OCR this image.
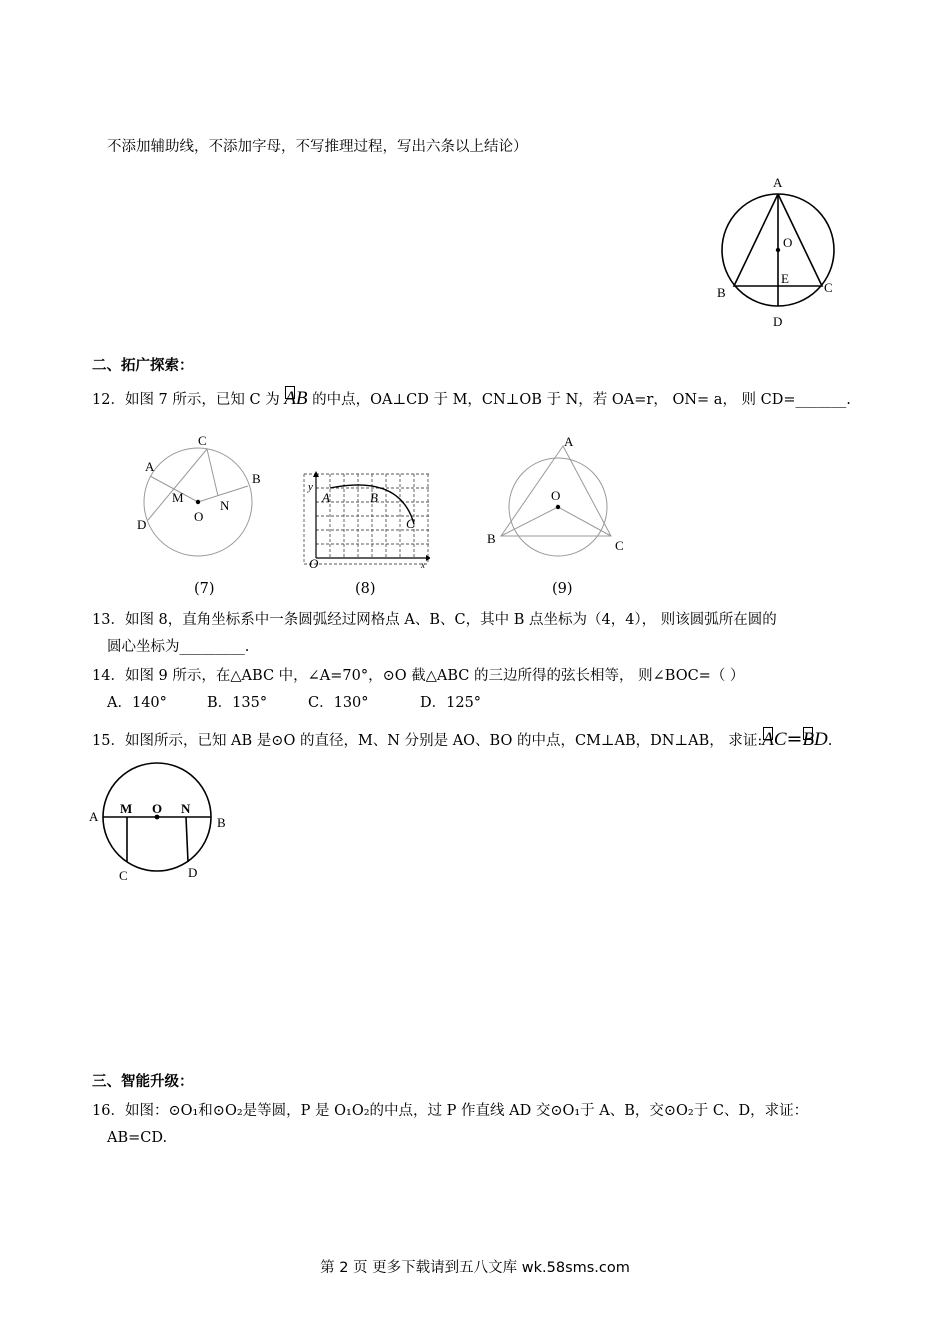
不添加辅助线，不添加字母，不写推理过程，写出六条以上结论）
A
O
E
B	C
D
二、拓广探索：
12．如图 7 所示，已知 C 为 AB 的中点，OA⊥CD 于 M，CN⊥OB 于 N，若 OA=r， ON= a， 则 CD=_______.
A
C
B
M
O
N
D
(7)
y
A	B
C
O	x
(8)
A
O
B	C
(9)
13．如图 8，直角坐标系中一条圆弧经过网格点 A、B、C，其中 B 点坐标为（4，4）， 则该圆弧所在圆的
圆心坐标为_________.
14．如图 9 所示，在△ABC 中，∠A=70°，⊙O 截△ABC 的三边所得的弦长相等， 则∠BOC=（ ）
A．140°	B．135°	C．130°	D．125°
15．如图所示，已知 AB 是⊙O 的直径，M、N 分别是 AO、BO 的中点，CM⊥AB，DN⊥AB， 求证:AC=BD.
A
M O N
B
C	D
三、智能升级：
16．如图：⊙O₁和⊙O₂是等圆，P 是 O₁O₂的中点，过 P 作直线 AD 交⊙O₁于 A、B，交⊙O₂于 C、D，求证：
AB=CD.
第 2 页 更多下载请到五八文库 wk.58sms.com
